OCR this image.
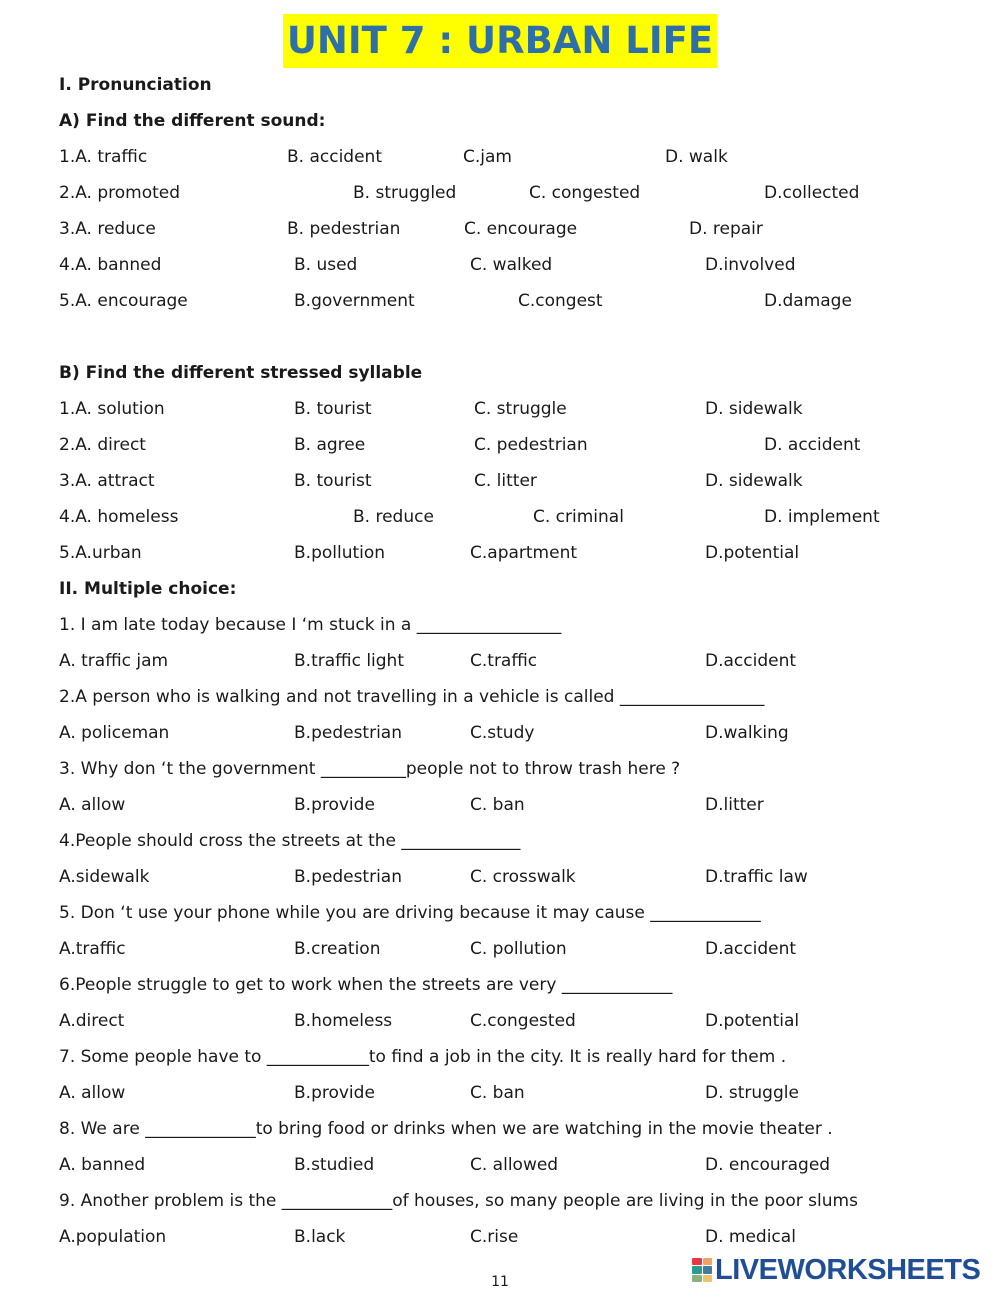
UNIT 7 : URBAN LIFE
I. Pronunciation
A) Find the different sound:
1.A. traffic	B. accident	C.jam	D. walk
2.A. promoted	B. struggled	C. congested	D.collected
3.A. reduce	B. pedestrian	C. encourage	D. repair
4.A. banned	B. used	C. walked	D.involved
5.A. encourage	B.government	C.congest	D.damage
B) Find the different stressed syllable
1.A. solution	B. tourist	C. struggle	D. sidewalk
2.A. direct	B. agree	C. pedestrian	D. accident
3.A. attract	B. tourist	C. litter	D. sidewalk
4.A. homeless	B. reduce	C. criminal	D. implement
5.A.urban	B.pollution	C.apartment	D.potential
II. Multiple choice:
1. I am late today because I ‘m stuck in a _________________
A. traffic jam	B.traffic light	C.traffic	D.accident
2.A person who is walking and not travelling in a vehicle is called _________________
A. policeman	B.pedestrian	C.study	D.walking
3. Why don ‘t the government __________people not to throw trash here ?
A. allow	B.provide	C. ban	D.litter
4.People should cross the streets at the ______________
A.sidewalk	B.pedestrian	C. crosswalk	D.traffic law
5. Don ‘t use your phone while you are driving because it may cause _____________
A.traffic	B.creation	C. pollution	D.accident
6.People struggle to get to work when the streets are very _____________
A.direct	B.homeless	C.congested	D.potential
7. Some people have to ____________to find a job in the city. It is really hard for them .
A. allow	B.provide	C. ban	D. struggle
8. We are _____________to bring food or drinks when we are watching in the movie theater .
A. banned	B.studied	C. allowed	D. encouraged
9. Another problem is the _____________of houses, so many people are living in the poor slums
A.population	B.lack	C.rise	D. medical
11	LIVEWORKSHEETS
